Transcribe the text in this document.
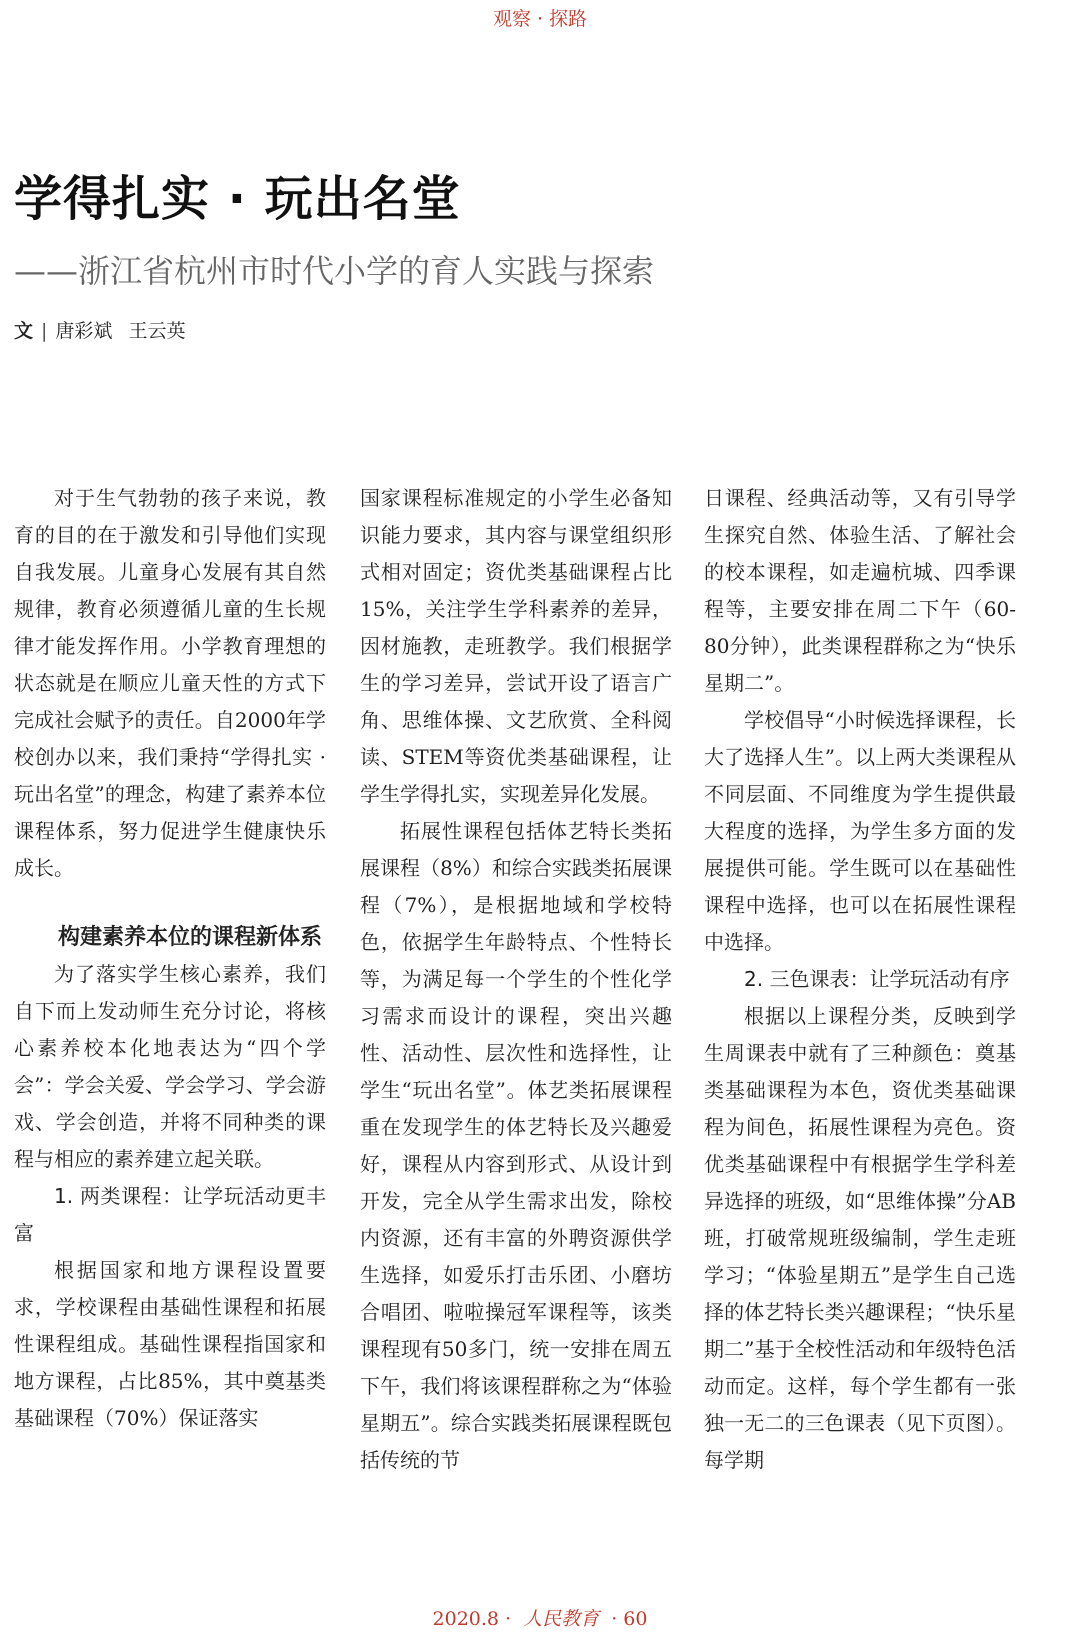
观察 · 探路
学得扎实 · 玩出名堂
——浙江省杭州市时代小学的育人实践与探索
文 | 唐彩斌 王云英

对于生气勃勃的孩子来说，教育的目的在于激发和引导他们实现自我发展。儿童身心发展有其自然规律，教育必须遵循儿童的生长规律才能发挥作用。小学教育理想的状态就是在顺应儿童天性的方式下完成社会赋予的责任。自2000年学校创办以来，我们秉持“学得扎实 · 玩出名堂”的理念，构建了素养本位课程体系，努力促进学生健康快乐成长。

构建素养本位的课程新体系

为了落实学生核心素养，我们自下而上发动师生充分讨论，将核心素养校本化地表达为“四个学会”：学会关爱、学会学习、学会游戏、学会创造，并将不同种类的课程与相应的素养建立起关联。

1. 两类课程：让学玩活动更丰富

根据国家和地方课程设置要求，学校课程由基础性课程和拓展性课程组成。基础性课程指国家和地方课程，占比85%，其中奠基类基础课程（70%）保证落实

国家课程标准规定的小学生必备知识能力要求，其内容与课堂组织形式相对固定；资优类基础课程占比15%，关注学生学科素养的差异，因材施教，走班教学。我们根据学生的学习差异，尝试开设了语言广角、思维体操、文艺欣赏、全科阅读、STEM等资优类基础课程，让学生学得扎实，实现差异化发展。

拓展性课程包括体艺特长类拓展课程（8%）和综合实践类拓展课程（7%），是根据地域和学校特色，依据学生年龄特点、个性特长等，为满足每一个学生的个性化学习需求而设计的课程，突出兴趣性、活动性、层次性和选择性，让学生“玩出名堂”。体艺类拓展课程重在发现学生的体艺特长及兴趣爱好，课程从内容到形式、从设计到开发，完全从学生需求出发，除校内资源，还有丰富的外聘资源供学生选择，如爱乐打击乐团、小磨坊合唱团、啦啦操冠军课程等，该类课程现有50多门，统一安排在周五下午，我们将该课程群称之为“体验星期五”。综合实践类拓展课程既包括传统的节

日课程、经典活动等，又有引导学生探究自然、体验生活、了解社会的校本课程，如走遍杭城、四季课程等，主要安排在周二下午（60-80分钟），此类课程群称之为“快乐星期二”。

学校倡导“小时候选择课程，长大了选择人生”。以上两大类课程从不同层面、不同维度为学生提供最大程度的选择，为学生多方面的发展提供可能。学生既可以在基础性课程中选择，也可以在拓展性课程中选择。

2. 三色课表：让学玩活动有序

根据以上课程分类，反映到学生周课表中就有了三种颜色：奠基类基础课程为本色，资优类基础课程为间色，拓展性课程为亮色。资优类基础课程中有根据学生学科差异选择的班级，如“思维体操”分AB班，打破常规班级编制，学生走班学习；“体验星期五”是学生自己选择的体艺特长类兴趣课程；“快乐星期二”基于全校性活动和年级特色活动而定。这样，每个学生都有一张独一无二的三色课表（见下页图）。每学期

2020.8 · 人民教育 · 60
